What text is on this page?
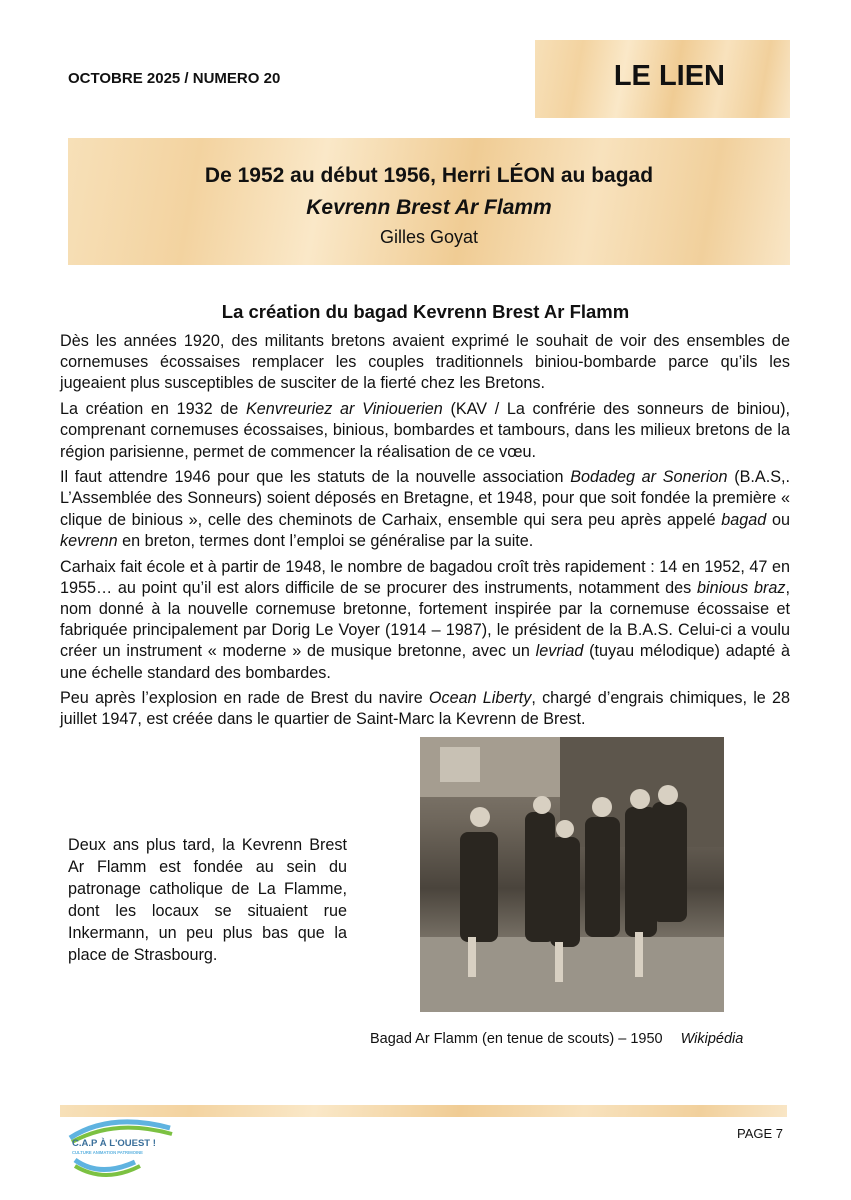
OCTOBRE 2025 / NUMERO 20	LE LIEN
De 1952 au début 1956, Herri LÉON au bagad
Kevrenn Brest Ar Flamm
Gilles Goyat
La création du bagad Kevrenn Brest Ar Flamm

Dès les années 1920, des militants bretons avaient exprimé le souhait de voir des ensembles de cornemuses écossaises remplacer les couples traditionnels biniou-bombarde parce qu’ils les jugeaient plus susceptibles de susciter de la fierté chez les Bretons.

La création en 1932 de Kenvreuriez ar Viniouerien (KAV / La confrérie des sonneurs de biniou), comprenant cornemuses écossaises, binious, bombardes et tambours, dans les milieux bretons de la région parisienne, permet de commencer la réalisation de ce vœu.

Il faut attendre 1946 pour que les statuts de la nouvelle association Bodadeg ar Sonerion (B.A.S,. L’Assemblée des Sonneurs) soient déposés en Bretagne, et 1948, pour que soit fondée la première « clique de binious », celle des cheminots de Carhaix, ensemble qui sera peu après appelé bagad ou kevrenn en breton, termes dont l’emploi se généralise par la suite.

Carhaix fait école et à partir de 1948, le nombre de bagadou croît très rapidement : 14 en 1952, 47 en 1955… au point qu’il est alors difficile de se procurer des instruments, notamment des binious braz, nom donné à la nouvelle cornemuse bretonne, fortement inspirée par la cornemuse écossaise et fabriquée principalement par Dorig Le Voyer (1914 – 1987), le président de la B.A.S. Celui-ci a voulu créer un instrument « moderne » de musique bretonne, avec un levriad (tuyau mélodique) adapté à une échelle standard des bombardes.

Peu après l’explosion en rade de Brest du navire Ocean Liberty, chargé d’engrais chimiques, le 28 juillet 1947, est créée dans le quartier de Saint-Marc la Kevrenn de Brest.

Deux ans plus tard, la Kevrenn Brest Ar Flamm est fondée au sein du patronage catholique de La Flamme, dont les locaux se situaient rue Inkermann, un peu plus bas que la place de Strasbourg.
Bagad Ar Flamm (en tenue de scouts) – 1950 Wikipédia
C.A.P À L'OUEST !
CULTURE ANIMATION PATRIMOINE
PAGE 7
